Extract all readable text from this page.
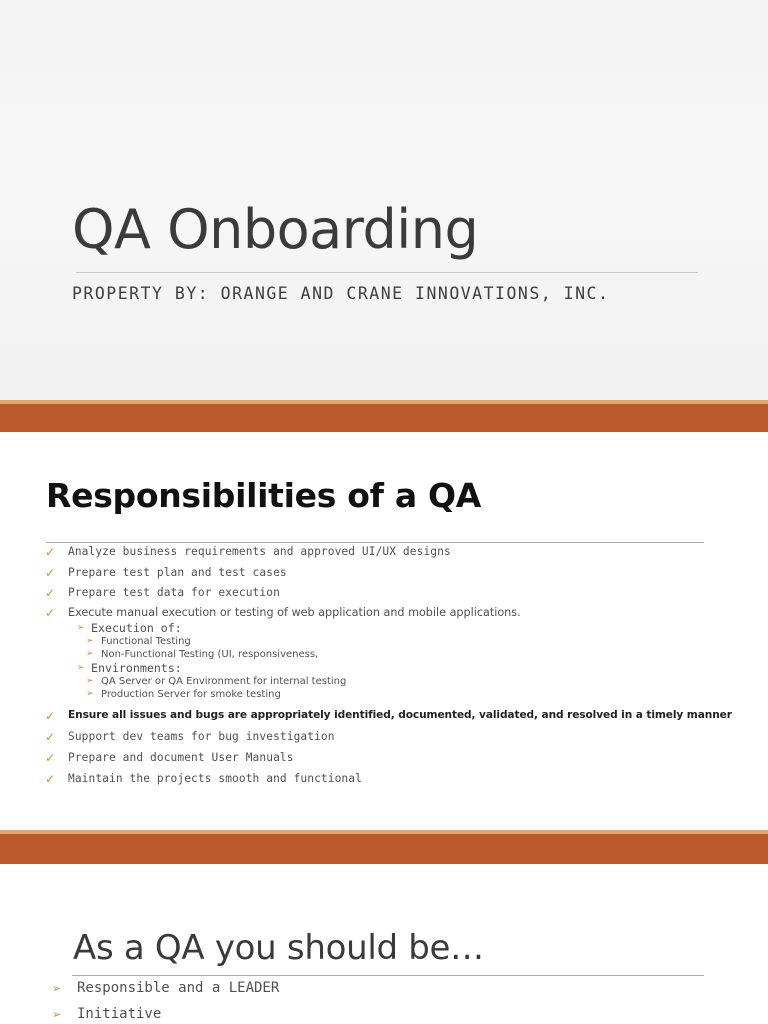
QA Onboarding
PROPERTY BY: ORANGE AND CRANE INNOVATIONS, INC.
Responsibilities of a QA
✓ Analyze business requirements and approved UI/UX designs
✓ Prepare test plan and test cases
✓ Prepare test data for execution
✓ Execute manual execution or testing of web application and mobile applications.
➢ Execution of:
➢ Functional Testing
➢ Non-Functional Testing (UI, responsiveness,
➢ Environments:
➢ QA Server or QA Environment for internal testing
➢ Production Server for smoke testing
✓ Ensure all issues and bugs are appropriately identified, documented, validated, and resolved in a timely manner
✓ Support dev teams for bug investigation
✓ Prepare and document User Manuals
✓ Maintain the projects smooth and functional
As a QA you should be…
➢ Responsible and a LEADER
➢ Initiative
